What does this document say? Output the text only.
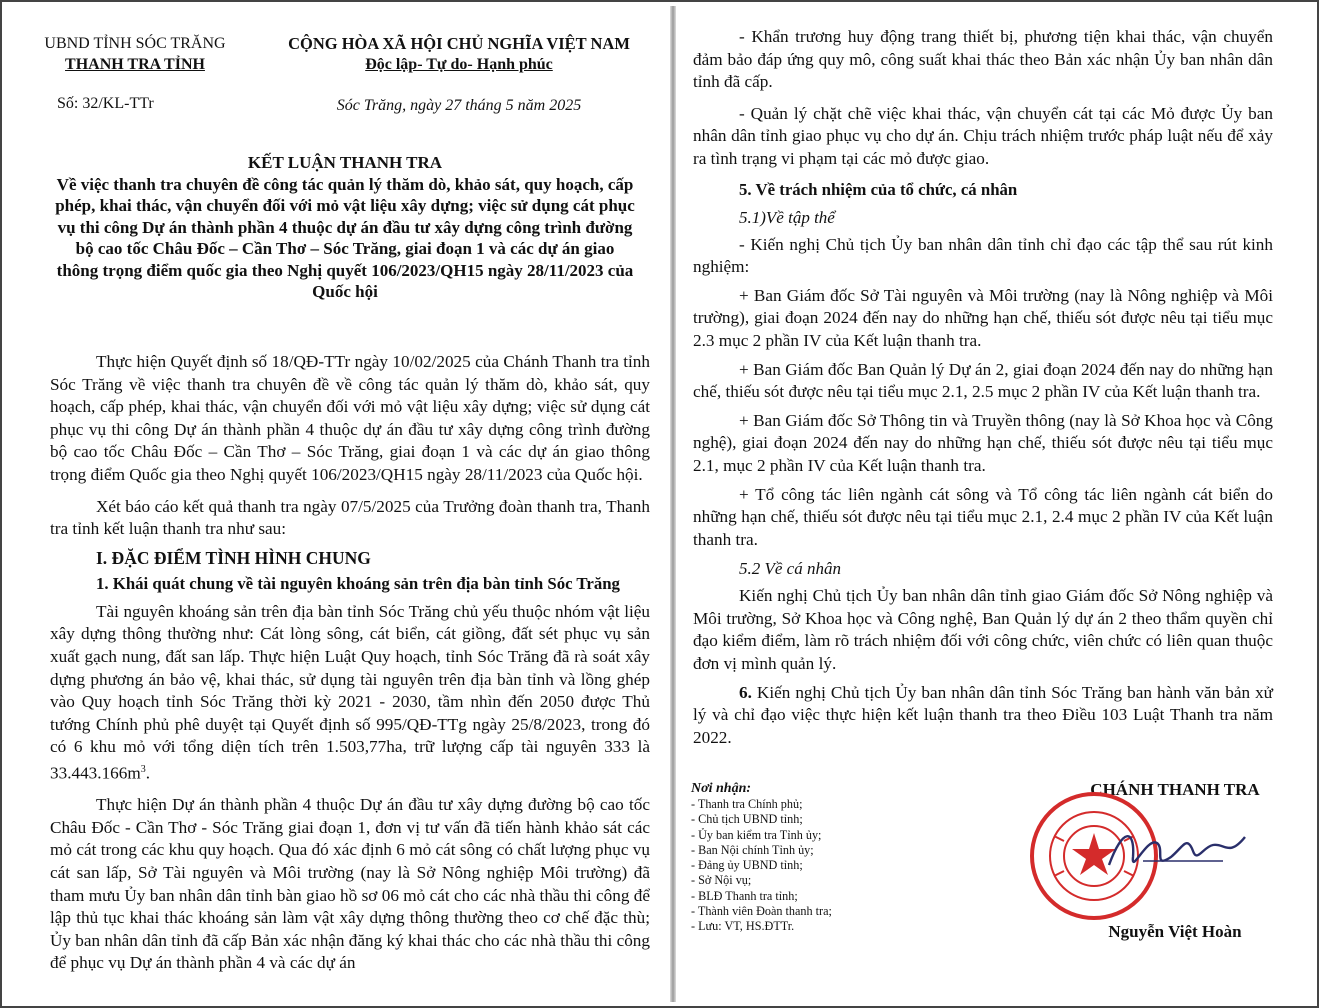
UBND TỈNH SÓC TRĂNG
THANH TRA TỈNH
Số: 32/KL-TTr
CỘNG HÒA XÃ HỘI CHỦ NGHĨA VIỆT NAM
Độc lập- Tự do- Hạnh phúc
Sóc Trăng, ngày 27 tháng 5 năm 2025
KẾT LUẬN THANH TRA
Về việc thanh tra chuyên đề công tác quản lý thăm dò, khảo sát, quy hoạch, cấp phép, khai thác, vận chuyển đối với mỏ vật liệu xây dựng; việc sử dụng cát phục vụ thi công Dự án thành phần 4 thuộc dự án đầu tư xây dựng công trình đường bộ cao tốc Châu Đốc – Cần Thơ – Sóc Trăng, giai đoạn 1 và các dự án giao thông trọng điểm quốc gia theo Nghị quyết 106/2023/QH15 ngày 28/11/2023 của Quốc hội

Thực hiện Quyết định số 18/QĐ-TTr ngày 10/02/2025 của Chánh Thanh tra tỉnh Sóc Trăng về việc thanh tra chuyên đề về công tác quản lý thăm dò, khảo sát, quy hoạch, cấp phép, khai thác, vận chuyển đối với mỏ vật liệu xây dựng; việc sử dụng cát phục vụ thi công Dự án thành phần 4 thuộc dự án đầu tư xây dựng công trình đường bộ cao tốc Châu Đốc – Cần Thơ – Sóc Trăng, giai đoạn 1 và các dự án giao thông trọng điểm Quốc gia theo Nghị quyết 106/2023/QH15 ngày 28/11/2023 của Quốc hội.

Xét báo cáo kết quả thanh tra ngày 07/5/2025 của Trưởng đoàn thanh tra, Thanh tra tỉnh kết luận thanh tra như sau:

I. ĐẶC ĐIỂM TÌNH HÌNH CHUNG

1. Khái quát chung về tài nguyên khoáng sản trên địa bàn tỉnh Sóc Trăng

Tài nguyên khoáng sản trên địa bàn tỉnh Sóc Trăng chủ yếu thuộc nhóm vật liệu xây dựng thông thường như: Cát lòng sông, cát biển, cát giồng, đất sét phục vụ sản xuất gạch nung, đất san lấp. Thực hiện Luật Quy hoạch, tỉnh Sóc Trăng đã rà soát xây dựng phương án bảo vệ, khai thác, sử dụng tài nguyên trên địa bàn tỉnh và lồng ghép vào Quy hoạch tỉnh Sóc Trăng thời kỳ 2021 - 2030, tầm nhìn đến 2050 được Thủ tướng Chính phủ phê duyệt tại Quyết định số 995/QĐ-TTg ngày 25/8/2023, trong đó có 6 khu mỏ với tổng diện tích trên 1.503,77ha, trữ lượng cấp tài nguyên 333 là $33.443.166m^3$.

Thực hiện Dự án thành phần 4 thuộc Dự án đầu tư xây dựng đường bộ cao tốc Châu Đốc - Cần Thơ - Sóc Trăng giai đoạn 1, đơn vị tư vấn đã tiến hành khảo sát các mỏ cát trong các khu quy hoạch. Qua đó xác định 6 mỏ cát sông có chất lượng phục vụ cát san lấp, Sở Tài nguyên và Môi trường (nay là Sở Nông nghiệp Môi trường) đã tham mưu Ủy ban nhân dân tỉnh bàn giao hồ sơ 06 mỏ cát cho các nhà thầu thi công để lập thủ tục khai thác khoáng sản làm vật xây dựng thông thường theo cơ chế đặc thù; Ủy ban nhân dân tỉnh đã cấp Bản xác nhận đăng ký khai thác cho các nhà thầu thi công để phục vụ Dự án thành phần 4 và các dự án

- Khẩn trương huy động trang thiết bị, phương tiện khai thác, vận chuyển đảm bảo đáp ứng quy mô, công suất khai thác theo Bản xác nhận Ủy ban nhân dân tỉnh đã cấp.

- Quản lý chặt chẽ việc khai thác, vận chuyển cát tại các Mỏ được Ủy ban nhân dân tỉnh giao phục vụ cho dự án. Chịu trách nhiệm trước pháp luật nếu để xảy ra tình trạng vi phạm tại các mỏ được giao.

5. Về trách nhiệm của tổ chức, cá nhân

5.1)Về tập thể

- Kiến nghị Chủ tịch Ủy ban nhân dân tỉnh chỉ đạo các tập thể sau rút kinh nghiệm:

+ Ban Giám đốc Sở Tài nguyên và Môi trường (nay là Nông nghiệp và Môi trường), giai đoạn 2024 đến nay do những hạn chế, thiếu sót được nêu tại tiểu mục 2.3 mục 2 phần IV của Kết luận thanh tra.

+ Ban Giám đốc Ban Quản lý Dự án 2, giai đoạn 2024 đến nay do những hạn chế, thiếu sót được nêu tại tiểu mục 2.1, 2.5 mục 2 phần IV của Kết luận thanh tra.

+ Ban Giám đốc Sở Thông tin và Truyền thông (nay là Sở Khoa học và Công nghệ), giai đoạn 2024 đến nay do những hạn chế, thiếu sót được nêu tại tiểu mục 2.1, mục 2 phần IV của Kết luận thanh tra.

+ Tổ công tác liên ngành cát sông và Tổ công tác liên ngành cát biển do những hạn chế, thiếu sót được nêu tại tiểu mục 2.1, 2.4 mục 2 phần IV của Kết luận thanh tra.

5.2 Về cá nhân

Kiến nghị Chủ tịch Ủy ban nhân dân tỉnh giao Giám đốc Sở Nông nghiệp và Môi trường, Sở Khoa học và Công nghệ, Ban Quản lý dự án 2 theo thẩm quyền chỉ đạo kiểm điểm, làm rõ trách nhiệm đối với công chức, viên chức có liên quan thuộc đơn vị mình quản lý.

6. Kiến nghị Chủ tịch Ủy ban nhân dân tỉnh Sóc Trăng ban hành văn bản xử lý và chỉ đạo việc thực hiện kết luận thanh tra theo Điều 103 Luật Thanh tra năm 2022.

Nơi nhận:
- Thanh tra Chính phủ;
- Chủ tịch UBND tỉnh;
- Ủy ban kiểm tra Tỉnh ủy;
- Ban Nội chính Tỉnh ủy;
- Đảng ủy UBND tỉnh;
- Sở Nội vụ;
- BLĐ Thanh tra tỉnh;
- Thành viên Đoàn thanh tra;
- Lưu: VT, HS.ĐTTr.
CHÁNH THANH TRA
Nguyễn Việt Hoàn
